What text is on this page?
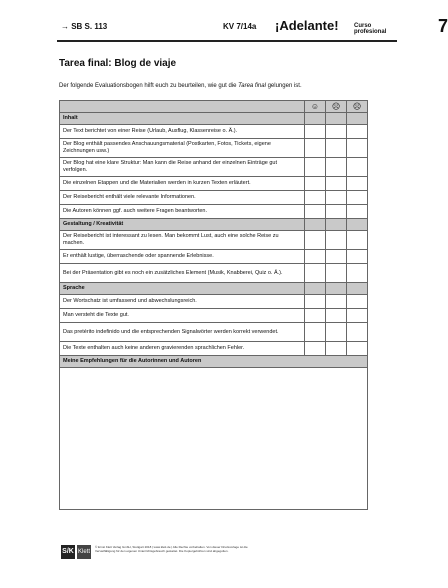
→ SB S. 113	KV 7/14a ¡Adelante!	Curso profesional	7
Tarea final: Blog de viaje
Der folgende Evaluationsbogen hilft euch zu beurteilen, wie gut die Tarea final gelungen ist.
	☺	☹	☹
Inhalt			
Der Text berichtet von einer Reise (Urlaub, Ausflug, Klassenreise o. Ä.).			
Der Blog enthält passendes Anschauungsmaterial (Postkarten, Fotos, Tickets, eigene Zeichnungen usw.)			
Der Blog hat eine klare Struktur: Man kann die Reise anhand der einzelnen Einträge gut verfolgen.			
Die einzelnen Etappen und die Materialien werden in kurzen Texten erläutert.			
Der Reisebericht enthält viele relevante Informationen.			
Die Autoren können ggf. auch weitere Fragen beantworten.			
Gestaltung / Kreativität			
Der Reisebericht ist interessant zu lesen. Man bekommt Lust, auch eine solche Reise zu machen.			
Er enthält lustige, überraschende oder spannende Erlebnisse.			
Bei der Präsentation gibt es noch ein zusätzliches Element (Musik, Knabberei, Quiz o. Ä.).			
Sprache			
Der Wortschatz ist umfassend und abwechslungsreich.			
Man versteht die Texte gut.			
Das pretérito indefinido und die entsprechenden Signalwörter werden korrekt verwendet.			
Die Texte enthalten auch keine anderen gravierenden sprachlichen Fehler.			
Meine Empfehlungen für die Autorinnen und Autoren			

S/K Klett
© Ernst Klett Verlag GmbH, Stuttgart 2018 | www.klett.de | Alle Rechte vorbehalten. Von dieser Druckvorlage ist die Vervielfältigung für den eigenen Unterrichtsgebrauch gestattet. Die Kopiergebühren sind abgegolten.
